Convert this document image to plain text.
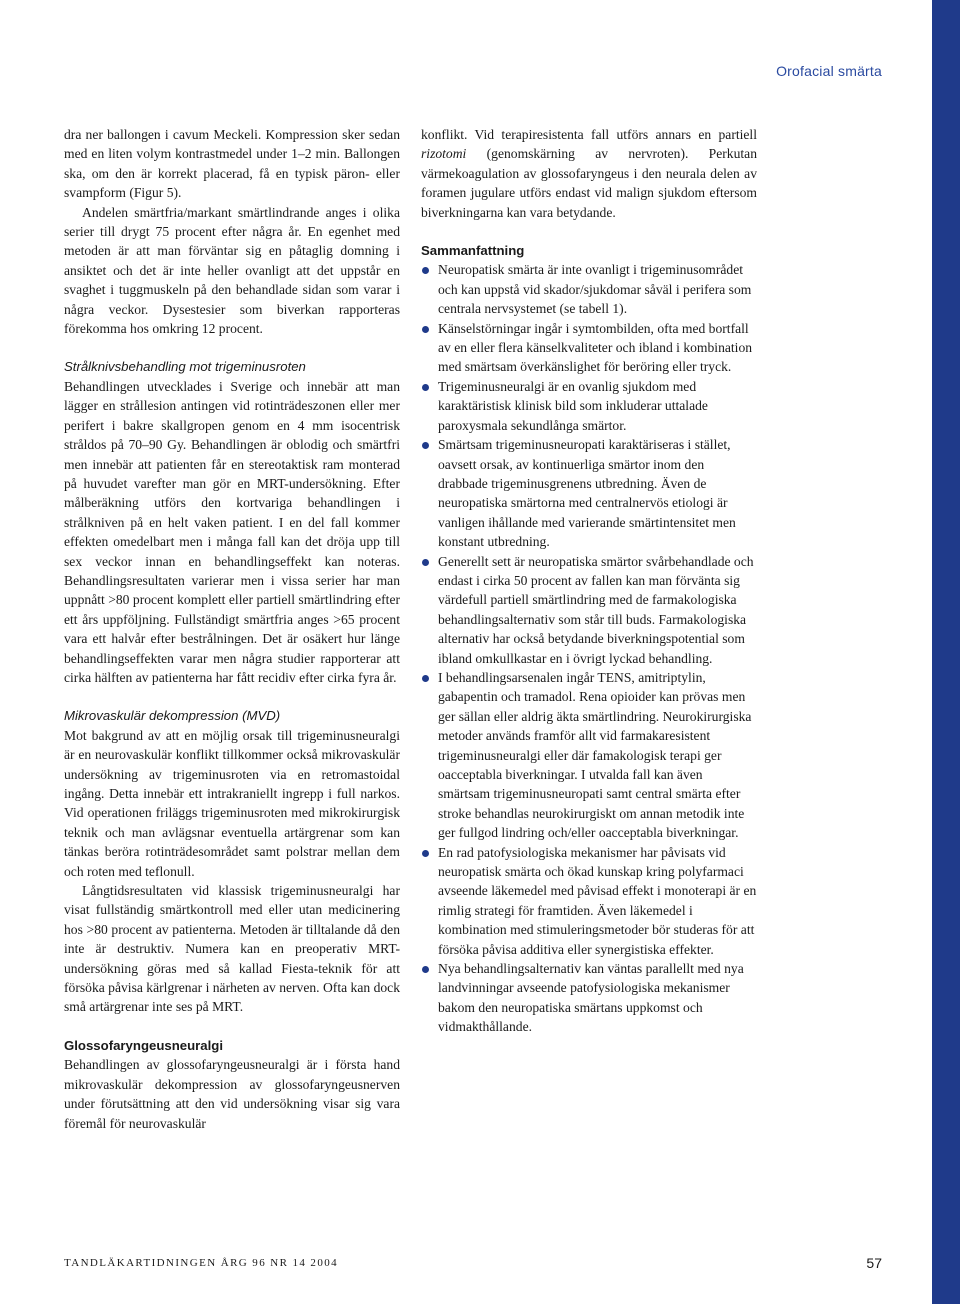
Orofacial smärta

dra ner ballongen i cavum Meckeli. Kompression sker sedan med en liten volym kontrastmedel under 1–2 min. Ballongen ska, om den är korrekt placerad, få en typisk päron- eller svampform (Figur 5).

Andelen smärtfria/markant smärtlindrande anges i olika serier till drygt 75 procent efter några år. En egenhet med metoden är att man förväntar sig en påtaglig domning i ansiktet och det är inte heller ovanligt att det uppstår en svaghet i tuggmuskeln på den behandlade sidan som varar i några veckor. Dysestesier som biverkan rapporteras förekomma hos omkring 12 procent.

Strålknivsbehandling mot trigeminusroten

Behandlingen utvecklades i Sverige och innebär att man lägger en strållesion antingen vid rotinträdeszonen eller mer perifert i bakre skallgropen genom en 4 mm isocentrisk stråldos på 70–90 Gy. Behandlingen är oblodig och smärtfri men innebär att patienten får en stereotaktisk ram monterad på huvudet varefter man gör en MRT-undersökning. Efter målberäkning utförs den kortvariga behandlingen i strålkniven på en helt vaken patient. I en del fall kommer effekten omedelbart men i många fall kan det dröja upp till sex veckor innan en behandlingseffekt kan noteras. Behandlingsresultaten varierar men i vissa serier har man uppnått >80 procent komplett eller partiell smärtlindring efter ett års uppföljning. Fullständigt smärtfria anges >65 procent vara ett halvår efter bestrålningen. Det är osäkert hur länge behandlingseffekten varar men några studier rapporterar att cirka hälften av patienterna har fått recidiv efter cirka fyra år.

Mikrovaskulär dekompression (MVD)

Mot bakgrund av att en möjlig orsak till trigeminusneuralgi är en neurovaskulär konflikt tillkommer också mikrovaskulär undersökning av trigeminusroten via en retromastoidal ingång. Detta innebär ett intrakraniellt ingrepp i full narkos. Vid operationen friläggs trigeminusroten med mikrokirurgisk teknik och man avlägsnar eventuella artärgrenar som kan tänkas beröra rotinträdesområdet samt polstrar mellan dem och roten med teflonull.

Långtidsresultaten vid klassisk trigeminusneuralgi har visat fullständig smärtkontroll med eller utan medicinering hos >80 procent av patienterna. Metoden är tilltalande då den inte är destruktiv. Numera kan en preoperativ MRT-undersökning göras med så kallad Fiesta-teknik för att försöka påvisa kärlgrenar i närheten av nerven. Ofta kan dock små artärgrenar inte ses på MRT.

Glossofaryngeusneuralgi

Behandlingen av glossofaryngeusneuralgi är i första hand mikrovaskulär dekompression av glossofaryngeusnerven under förutsättning att den vid undersökning visar sig vara föremål för neurovaskulär

konflikt. Vid terapiresistenta fall utförs annars en partiell rizotomi (genomskärning av nervroten). Perkutan värmekoagulation av glossofaryngeus i den neurala delen av foramen jugulare utförs endast vid malign sjukdom eftersom biverkningarna kan vara betydande.

Sammanfattning
Neuropatisk smärta är inte ovanligt i trigeminusområdet och kan uppstå vid skador/sjukdomar såväl i perifera som centrala nervsystemet (se tabell 1).
Känselstörningar ingår i symtombilden, ofta med bortfall av en eller flera känselkvaliteter och ibland i kombination med smärtsam överkänslighet för beröring eller tryck.
Trigeminusneuralgi är en ovanlig sjukdom med karaktäristisk klinisk bild som inkluderar uttalade paroxysmala sekundlånga smärtor.
Smärtsam trigeminusneuropati karaktäriseras i stället, oavsett orsak, av kontinuerliga smärtor inom den drabbade trigeminusgrenens utbredning. Även de neuropatiska smärtorna med centralnervös etiologi är vanligen ihållande med varierande smärtintensitet men konstant utbredning.
Generellt sett är neuropatiska smärtor svårbehandlade och endast i cirka 50 procent av fallen kan man förvänta sig värdefull partiell smärtlindring med de farmakologiska behandlingsalternativ som står till buds. Farmakologiska alternativ har också betydande biverkningspotential som ibland omkullkastar en i övrigt lyckad behandling.
I behandlingsarsenalen ingår TENS, amitriptylin, gabapentin och tramadol. Rena opioider kan prövas men ger sällan eller aldrig äkta smärtlindring. Neurokirurgiska metoder används framför allt vid farmakaresistent trigeminusneuralgi eller där famakologisk terapi ger oacceptabla biverkningar. I utvalda fall kan även smärtsam trigeminusneuropati samt central smärta efter stroke behandlas neurokirurgiskt om annan metodik inte ger fullgod lindring och/eller oacceptabla biverkningar.
En rad patofysiologiska mekanismer har påvisats vid neuropatisk smärta och ökad kunskap kring polyfarmaci avseende läkemedel med påvisad effekt i monoterapi är en rimlig strategi för framtiden. Även läkemedel i kombination med stimuleringsmetoder bör studeras för att försöka påvisa additiva eller synergistiska effekter.
Nya behandlingsalternativ kan väntas parallellt med nya landvinningar avseende patofysiologiska mekanismer bakom den neuropatiska smärtans uppkomst och vidmakthållande.
TANDLÄKARTIDNINGEN ÅRG 96 NR 14 2004	57
